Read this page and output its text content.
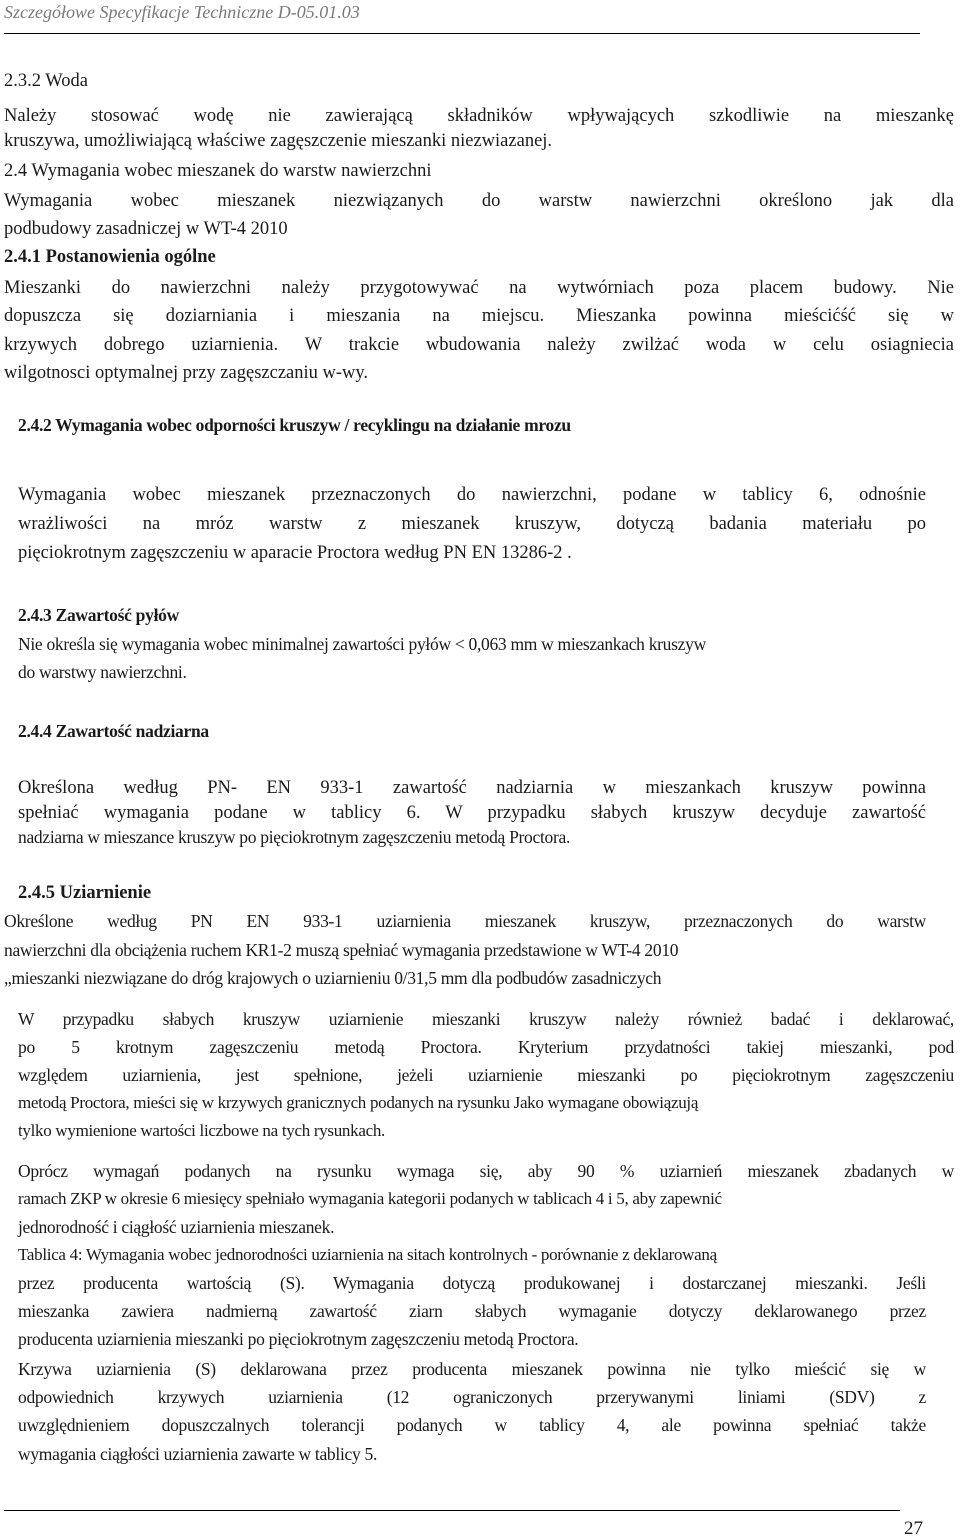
Szczegółowe Specyfikacje Techniczne D-05.01.03
2.3.2 Woda
Należy stosować wodę nie zawierającą składników wpływających szkodliwie na mieszankę
kruszywa, umożliwiającą właściwe zagęszczenie mieszanki niezwiazanej.
2.4 Wymagania wobec mieszanek do warstw nawierzchni
Wymagania wobec mieszanek niezwiązanych do warstw nawierzchni określono jak dla
podbudowy zasadniczej w WT-4 2010
2.4.1 Postanowienia ogólne
Mieszanki do nawierzchni należy przygotowywać na wytwórniach poza placem budowy. Nie
dopuszcza się doziarniania i mieszania na miejscu. Mieszanka powinna mieścićść się w
krzywych dobrego uziarnienia. W trakcie wbudowania należy zwilżać woda w celu osiagniecia
wilgotnosci optymalnej przy zagęszczaniu w-wy.
2.4.2 Wymagania wobec odporności kruszyw / recyklingu na działanie mrozu
Wymagania wobec mieszanek przeznaczonych do nawierzchni, podane w tablicy 6, odnośnie
wrażliwości na mróz warstw z mieszanek kruszyw, dotyczą badania materiału po
pięciokrotnym zagęszczeniu w aparacie Proctora według PN EN 13286-2 .
2.4.3 Zawartość pyłów
Nie określa się wymagania wobec minimalnej zawartości pyłów < 0,063 mm w mieszankach kruszyw
do warstwy nawierzchni.
2.4.4 Zawartość nadziarna
Określona według PN- EN 933-1 zawartość nadziarnia w mieszankach kruszyw powinna
spełniać wymagania podane w tablicy 6. W przypadku słabych kruszyw decyduje zawartość
nadziarna w mieszance kruszyw po pięciokrotnym zagęszczeniu metodą Proctora.
2.4.5 Uziarnienie
Określone według PN EN 933-1 uziarnienia mieszanek kruszyw, przeznaczonych do warstw
nawierzchni dla obciążenia ruchem KR1-2 muszą spełniać wymagania przedstawione w WT-4 2010
„mieszanki niezwiązane do dróg krajowych o uziarnieniu 0/31,5 mm dla podbudów zasadniczych
W przypadku słabych kruszyw uziarnienie mieszanki kruszyw należy również badać i deklarować,
po 5 krotnym zagęszczeniu metodą Proctora. Kryterium przydatności takiej mieszanki, pod
względem uziarnienia, jest spełnione, jeżeli uziarnienie mieszanki po pięciokrotnym zagęszczeniu
metodą Proctora, mieści się w krzywych granicznych podanych na rysunku Jako wymagane obowiązują
tylko wymienione wartości liczbowe na tych rysunkach.
Oprócz wymagań podanych na rysunku wymaga się, aby 90 % uziarnień mieszanek zbadanych w
ramach ZKP w okresie 6 miesięcy spełniało wymagania kategorii podanych w tablicach 4 i 5, aby zapewnić
jednorodność i ciągłość uziarnienia mieszanek.
Tablica 4: Wymagania wobec jednorodności uziarnienia na sitach kontrolnych - porównanie z deklarowaną
przez producenta wartością (S). Wymagania dotyczą produkowanej i dostarczanej mieszanki. Jeśli
mieszanka zawiera nadmierną zawartość ziarn słabych wymaganie dotyczy deklarowanego przez
producenta uziarnienia mieszanki po pięciokrotnym zagęszczeniu metodą Proctora.
Krzywa uziarnienia (S) deklarowana przez producenta mieszanek powinna nie tylko mieścić się w
odpowiednich krzywych uziarnienia (12 ograniczonych przerywanymi liniami (SDV) z
uwzględnieniem dopuszczalnych tolerancji podanych w tablicy 4, ale powinna spełniać także
wymagania ciągłości uziarnienia zawarte w tablicy 5.
27
